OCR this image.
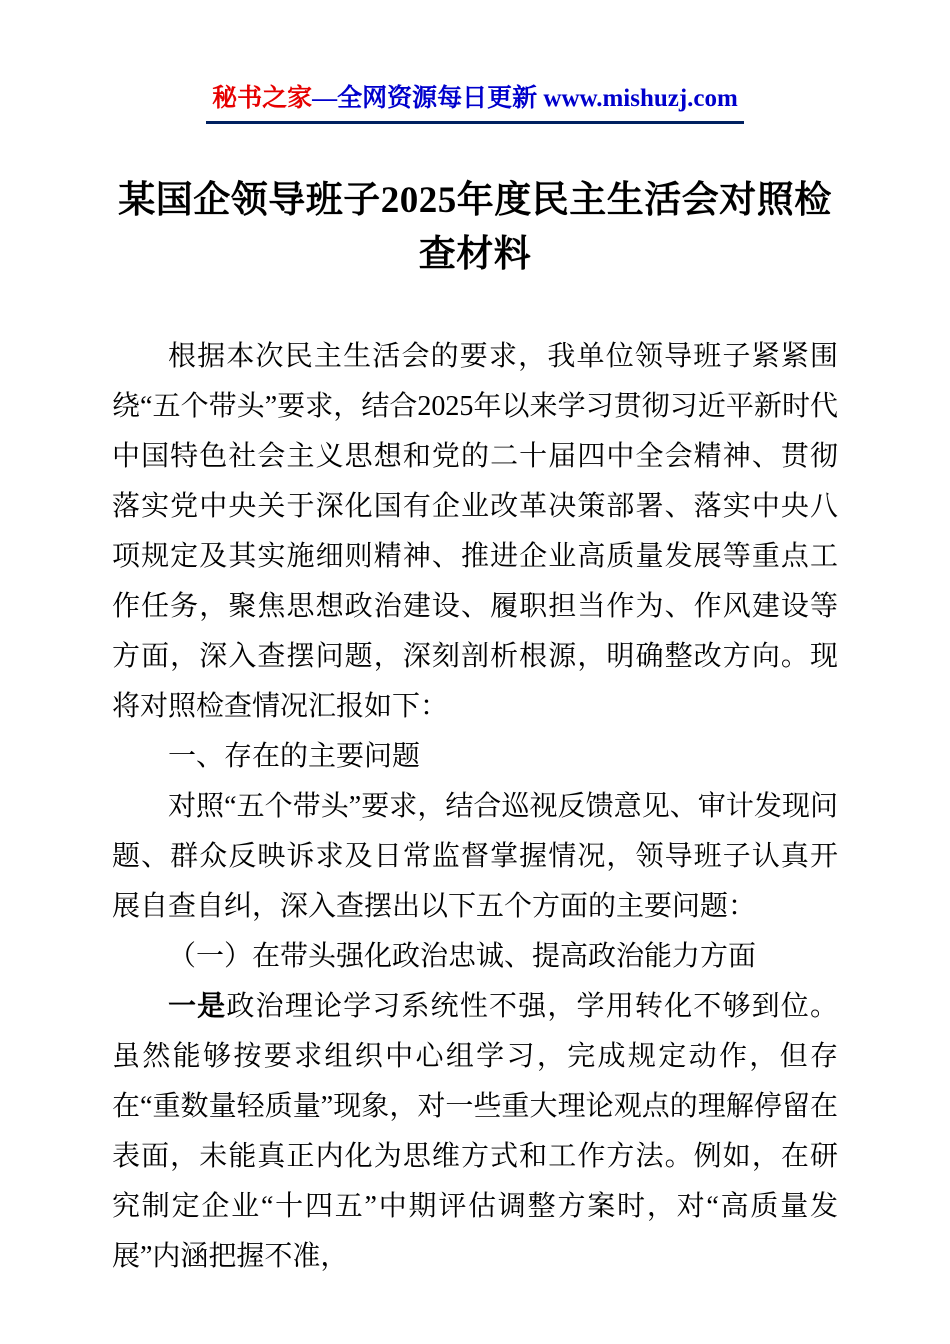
秘书之家—全网资源每日更新 www.mishuzj.com
某国企领导班子2025年度民主生活会对照检查材料

根据本次民主生活会的要求，我单位领导班子紧紧围绕“五个带头”要求，结合2025年以来学习贯彻习近平新时代中国特色社会主义思想和党的二十届四中全会精神、贯彻落实党中央关于深化国有企业改革决策部署、落实中央八项规定及其实施细则精神、推进企业高质量发展等重点工作任务，聚焦思想政治建设、履职担当作为、作风建设等方面，深入查摆问题，深刻剖析根源，明确整改方向。现将对照检查情况汇报如下：

一、存在的主要问题

对照“五个带头”要求，结合巡视反馈意见、审计发现问题、群众反映诉求及日常监督掌握情况，领导班子认真开展自查自纠，深入查摆出以下五个方面的主要问题：

（一）在带头强化政治忠诚、提高政治能力方面

一是政治理论学习系统性不强，学用转化不够到位。虽然能够按要求组织中心组学习，完成规定动作，但存在“重数量轻质量”现象，对一些重大理论观点的理解停留在表面，未能真正内化为思维方式和工作方法。例如，在研究制定企业“十四五”中期评估调整方案时，对“高质量发展”内涵把握不准，
